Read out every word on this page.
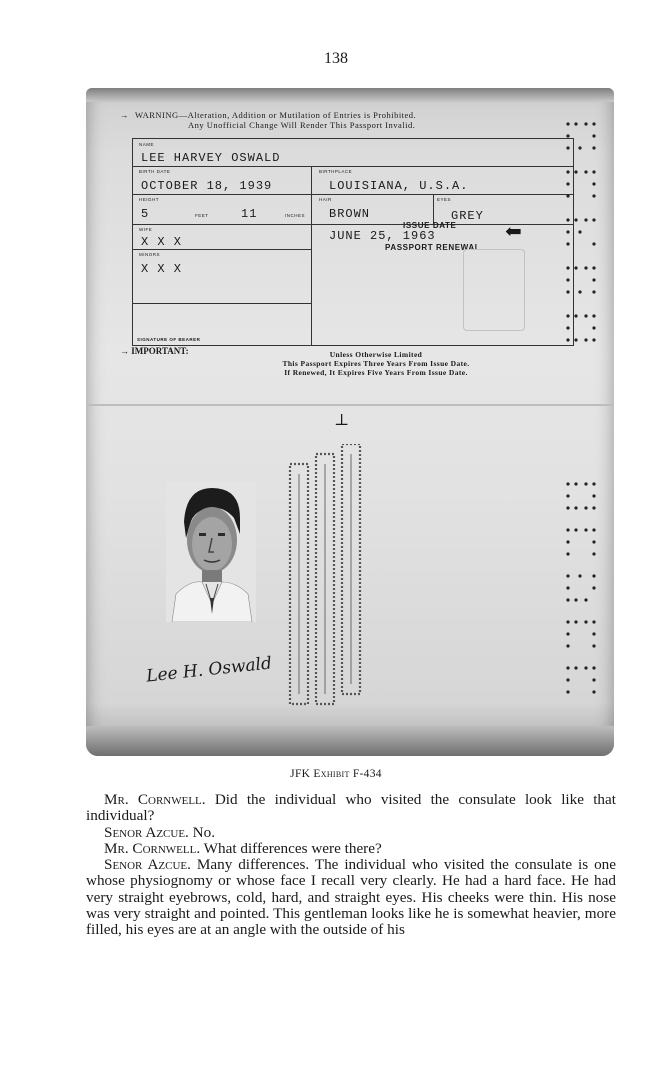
138
→ WARNING—Alteration, Addition or Mutilation of Entries is Prohibited.
Any Unofficial Change Will Render This Passport Invalid.
NAME
LEE HARVEY OSWALD
BIRTH DATE
OCTOBER 18, 1939
BIRTHPLACE
LOUISIANA, U.S.A.
HEIGHT
5	FEET	11	INCHES
HAIR
BROWN
EYES
GREY
WIFE
X X X
MINORS
X X X
ISSUE DATE
JUNE 25, 1963
PASSPORT RENEWAL
⬅
SIGNATURE OF BEARER
→ IMPORTANT:	Unless Otherwise Limited
This Passport Expires Three Years From Issue Date.
If Renewed, It Expires Five Years From Issue Date.
⊥
Lee H. Oswald
JFK Exhibit F-434

Mr. Cornwell. Did the individual who visited the consulate look like that individual?

Senor Azcue. No.

Mr. Cornwell. What differences were there?

Senor Azcue. Many differences. The individual who visited the consulate is one whose physiognomy or whose face I recall very clearly. He had a hard face. He had very straight eyebrows, cold, hard, and straight eyes. His cheeks were thin. His nose was very straight and pointed. This gentleman looks like he is somewhat heavier, more filled, his eyes are at an angle with the outside of his
